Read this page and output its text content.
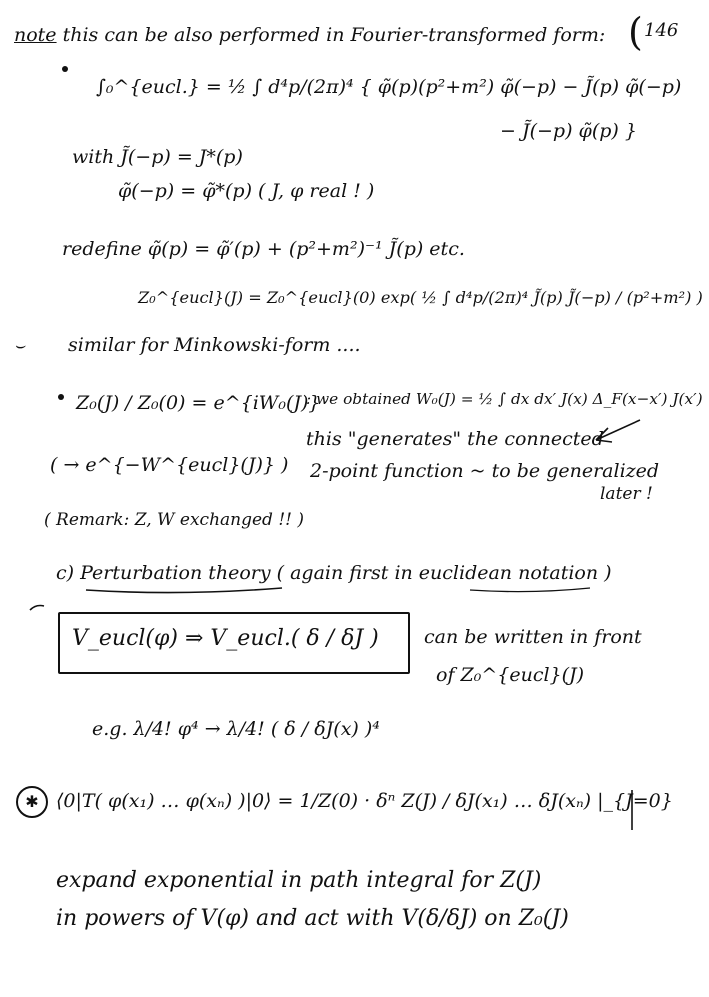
( 146
note this can be also performed in Fourier-transformed form:
∫₀^{eucl.} = ½ ∫ d⁴p/(2π)⁴ { φ̃(p)(p²+m²) φ̃(−p) − J̃(p) φ̃(−p)
− J̃(−p) φ̃(p) }
with J̃(−p) = J*(p)
φ̃(−p) = φ̃*(p) ( J, φ real ! )
redefine φ̃(p) = φ̃′(p) + (p²+m²)⁻¹ J̃(p) etc.
Z₀^{eucl}(J) = Z₀^{eucl}(0) exp( ½ ∫ d⁴p/(2π)⁴ J̃(p) J̃(−p) / (p²+m²) )
⌣ similar for Minkowski-form ....
Z₀(J) / Z₀(0) = e^{iW₀(J)}
: we obtained W₀(J) = ½ ∫ dx dx′ J(x) Δ_F(x−x′) J(x′)
this "generates" the connected
( → e^{−W^{eucl}(J)} ) 2-point function ~ to be generalized
later !
( Remark: Z, W exchanged !! )
c) Perturbation theory ( again first in euclidean notation )
V_eucl(φ) ⇒ V_eucl.( δ / δJ ) can be written in front
of Z₀^{eucl}(J)
e.g. λ/4! φ⁴ → λ/4! ( δ / δJ(x) )⁴
✱ ⟨0|T( φ(x₁) … φ(xₙ) )|0⟩ = 1/Z(0) · δⁿ Z(J) / δJ(x₁) … δJ(xₙ) |_{J=0}
expand exponential in path integral for Z(J)
in powers of V(φ) and act with V(δ/δJ) on Z₀(J)
